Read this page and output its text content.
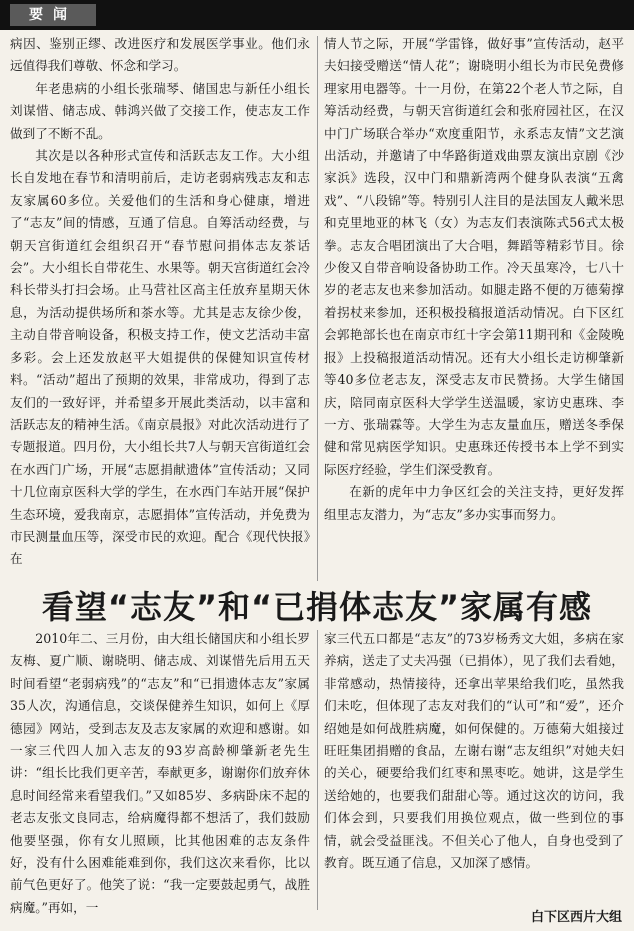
要闻

病因、鉴别正缪、改进医疗和发展医学事业。他们永远值得我们尊敬、怀念和学习。

年老患病的小组长张瑞琴、储国忠与新任小组长刘谋惜、储志成、韩鸿兴做了交接工作，使志友工作做到了不断不乱。

其次是以各种形式宣传和活跃志友工作。大小组长自发地在春节和清明前后，走访老弱病残志友和志友家属60多位。关爱他们的生活和身心健康，增进了“志友”间的情感，互通了信息。自筹活动经费，与朝天宫街道红会组织召开“春节慰问捐体志友茶话会”。大小组长自带花生、水果等。朝天宫街道红会冷科长带头打扫会场。止马营社区高主任放弃星期天休息，为活动提供场所和茶水等。尤其是志友徐少俊，主动自带音响设备，积极支持工作，使文艺活动丰富多彩。会上还发放赵平大姐提供的保健知识宣传材料。“活动”超出了预期的效果，非常成功，得到了志友们的一致好评，并希望多开展此类活动，以丰富和活跃志友的精神生活。《南京晨报》对此次活动进行了专题报道。四月份，大小组长共7人与朝天宫街道红会在水西门广场，开展“志愿捐献遗体”宣传活动；又同十几位南京医科大学的学生，在水西门车站开展“保护生态环境，爱我南京，志愿捐体”宣传活动，并免费为市民测量血压等，深受市民的欢迎。配合《现代快报》在

情人节之际，开展“学雷锋，做好事”宣传活动，赵平夫妇接受赠送“情人花”；谢晓明小组长为市民免费修理家用电器等。十一月份，在第22个老人节之际，自筹活动经费，与朝天宫街道红会和张府园社区，在汉中门广场联合举办“欢度重阳节，永系志友情”文艺演出活动，并邀请了中华路街道戏曲票友演出京剧《沙家浜》选段，汉中门和鼎新湾两个健身队表演“五禽戏”、“八段锦”等。特别引人注目的是法国友人戴米思和克里地亚的林飞（女）为志友们表演陈式56式太极拳。志友合唱团演出了大合唱，舞蹈等精彩节目。徐少俊又自带音响设备协助工作。冷天虽寒冷，七八十岁的老志友也来参加活动。如腿走路不便的万德菊撑着拐杖来参加，还积极投稿报道活动情况。白下区红会郭艳部长也在南京市红十字会第11期刊和《金陵晚报》上投稿报道活动情况。还有大小组长走访柳肇新等40多位老志友，深受志友市民赞扬。大学生储国庆，陪同南京医科大学学生送温暖，家访史惠珠、李一方、张瑞霖等。大学生为志友量血压，赠送冬季保健和常见病医学知识。史惠珠还传授书本上学不到实际医疗经验，学生们深受教育。

在新的虎年中力争区红会的关注支持，更好发挥组里志友潜力，为“志友”多办实事而努力。

看望“志友”和“已捐体志友”家属有感

2010年二、三月份，由大组长储国庆和小组长罗友梅、夏广顺、谢晓明、储志成、刘谋惜先后用五天时间看望“老弱病残”的“志友”和“已捐遗体志友”家属35人次，沟通信息，交谈保健养生知识，如何上《厚德园》网站，受到志友及志友家属的欢迎和感谢。如一家三代四人加入志友的93岁高龄柳肇新老先生讲：“组长比我们更辛苦，奉献更多，谢谢你们放弃休息时间经常来看望我们。”又如85岁、多病卧床不起的老志友张文良同志，给病魔得都不想活了，我们鼓励他要坚强，你有女儿照顾，比其他困难的志友条件好，没有什么困难能难到你，我们这次来看你，比以前气色更好了。他笑了说：“我一定要鼓起勇气，战胜病魔。”再如，一

家三代五口都是“志友”的73岁杨秀文大姐，多病在家养病，送走了丈夫冯强（已捐体），见了我们去看她，非常感动，热情接待，还拿出苹果给我们吃，虽然我们未吃，但体现了志友对我们的“认可”和“爱”，还介绍她是如何战胜病魔，如何保健的。万德菊大姐接过旺旺集团捐赠的食品，左谢右谢“志友组织”对她夫妇的关心，硬要给我们红枣和黑枣吃。她讲，这是学生送给她的，也要我们甜甜心等。通过这次的访问，我们体会到，只要我们用换位观点，做一些到位的事情，就会受益匪浅。不但关心了他人，自身也受到了教育。既互通了信息，又加深了感情。

白下区西片大组
